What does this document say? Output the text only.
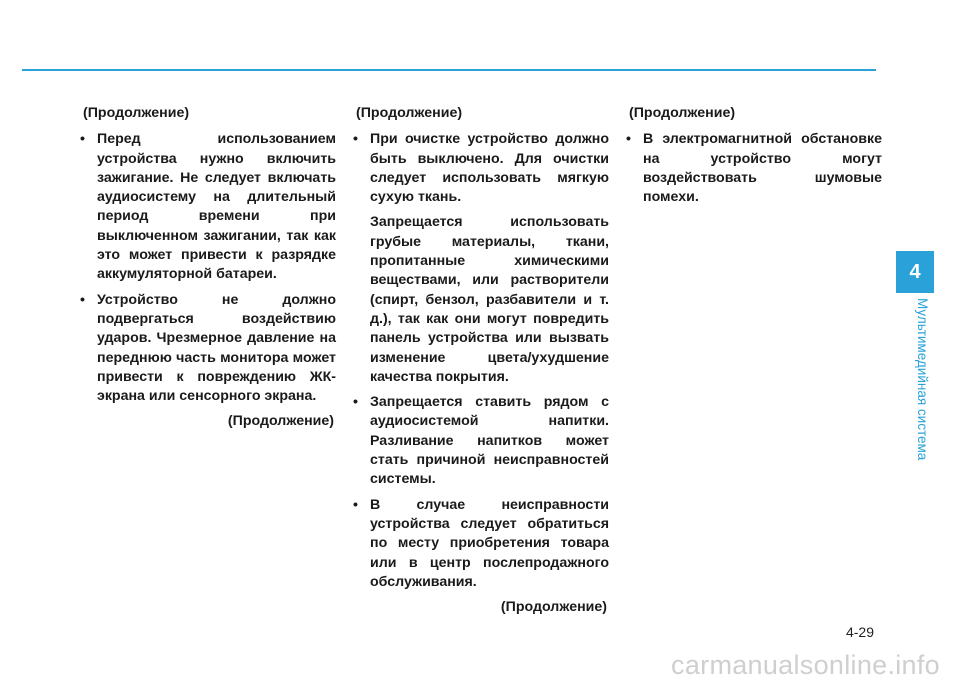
(Продолжение)
• Перед использованием устройства нужно включить зажигание. Не следует включать аудиосистему на длительный период времени при выключенном зажигании, так как это может привести к разрядке аккумуляторной батареи.
• Устройство не должно подвергаться воздействию ударов. Чрезмерное давление на переднюю часть монитора может привести к повреждению ЖК-экрана или сенсорного экрана.
(Продолжение)
(Продолжение)
• При очистке устройство должно быть выключено. Для очистки следует использовать мягкую сухую ткань.
Запрещается использовать грубые материалы, ткани, пропитанные химическими веществами, или растворители (спирт, бензол, разбавители и т. д.), так как они могут повредить панель устройства или вызвать изменение цвета/ухудшение качества покрытия.
• Запрещается ставить рядом с аудиосистемой напитки. Разливание напитков может стать причиной неисправностей системы.
• В случае неисправности устройства следует обратиться по месту приобретения товара или в центр послепродажного обслуживания.
(Продолжение)
(Продолжение)
• В электромагнитной обстановке на устройство могут воздействовать шумовые помехи.
4
Мультимедийная система
4-29
carmanualsonline.info
